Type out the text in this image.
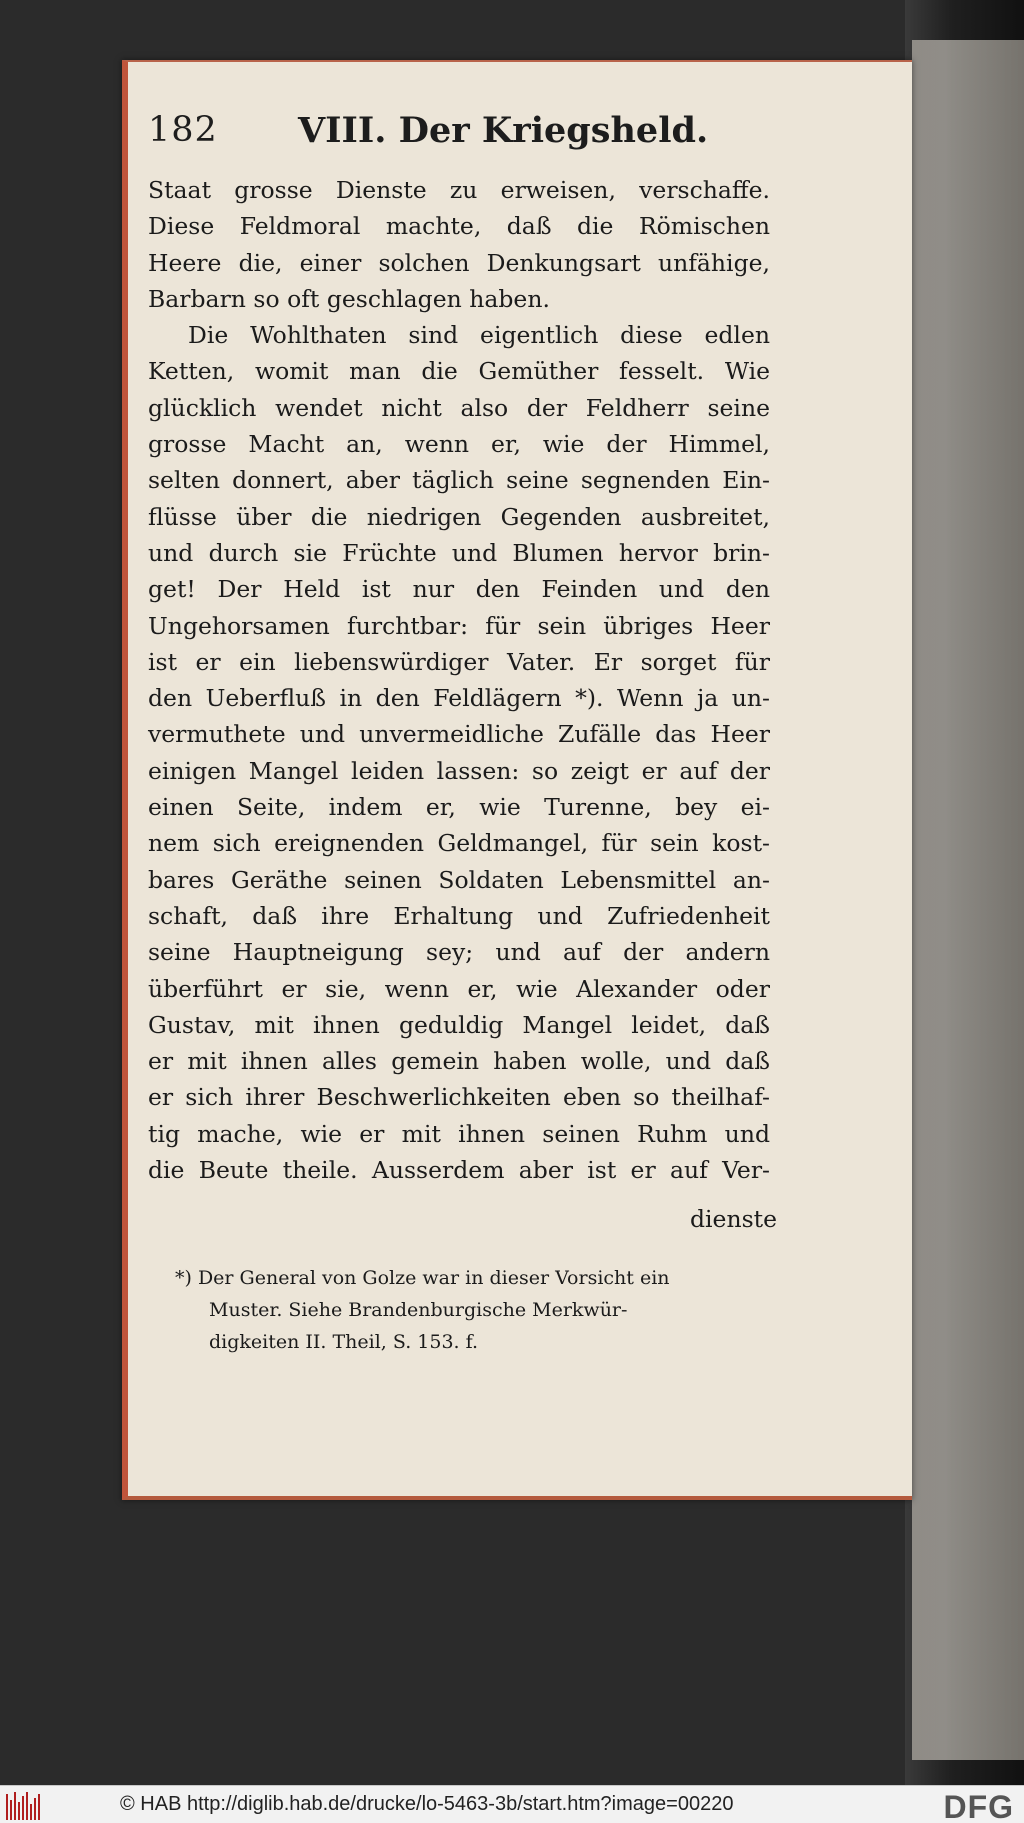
182 VIII. Der Kriegsheld.
Staat grosse Dienste zu erweisen, verschaffe.
Diese Feldmoral machte, daß die Römischen
Heere die, einer solchen Denkungsart unfähige,
Barbarn so oft geschlagen haben.
Die Wohlthaten sind eigentlich diese edlen
Ketten, womit man die Gemüther fesselt. Wie
glücklich wendet nicht also der Feldherr seine
grosse Macht an, wenn er, wie der Himmel,
selten donnert, aber täglich seine segnenden Ein-
flüsse über die niedrigen Gegenden ausbreitet,
und durch sie Früchte und Blumen hervor brin-
get! Der Held ist nur den Feinden und den
Ungehorsamen furchtbar: für sein übriges Heer
ist er ein liebenswürdiger Vater. Er sorget für
den Ueberfluß in den Feldlägern *). Wenn ja un-
vermuthete und unvermeidliche Zufälle das Heer
einigen Mangel leiden lassen: so zeigt er auf der
einen Seite, indem er, wie Turenne, bey ei-
nem sich ereignenden Geldmangel, für sein kost-
bares Geräthe seinen Soldaten Lebensmittel an-
schaft, daß ihre Erhaltung und Zufriedenheit
seine Hauptneigung sey; und auf der andern
überführt er sie, wenn er, wie Alexander oder
Gustav, mit ihnen geduldig Mangel leidet, daß
er mit ihnen alles gemein haben wolle, und daß
er sich ihrer Beschwerlichkeiten eben so theilhaf-
tig mache, wie er mit ihnen seinen Ruhm und
die Beute theile. Ausserdem aber ist er auf Ver-
dienste
*) Der General von Golze war in dieser Vorsicht ein
Muster. Siehe Brandenburgische Merkwür-
digkeiten II. Theil, S. 153. f.
© HAB http://diglib.hab.de/drucke/lo-5463-3b/start.htm?image=00220	DFG
